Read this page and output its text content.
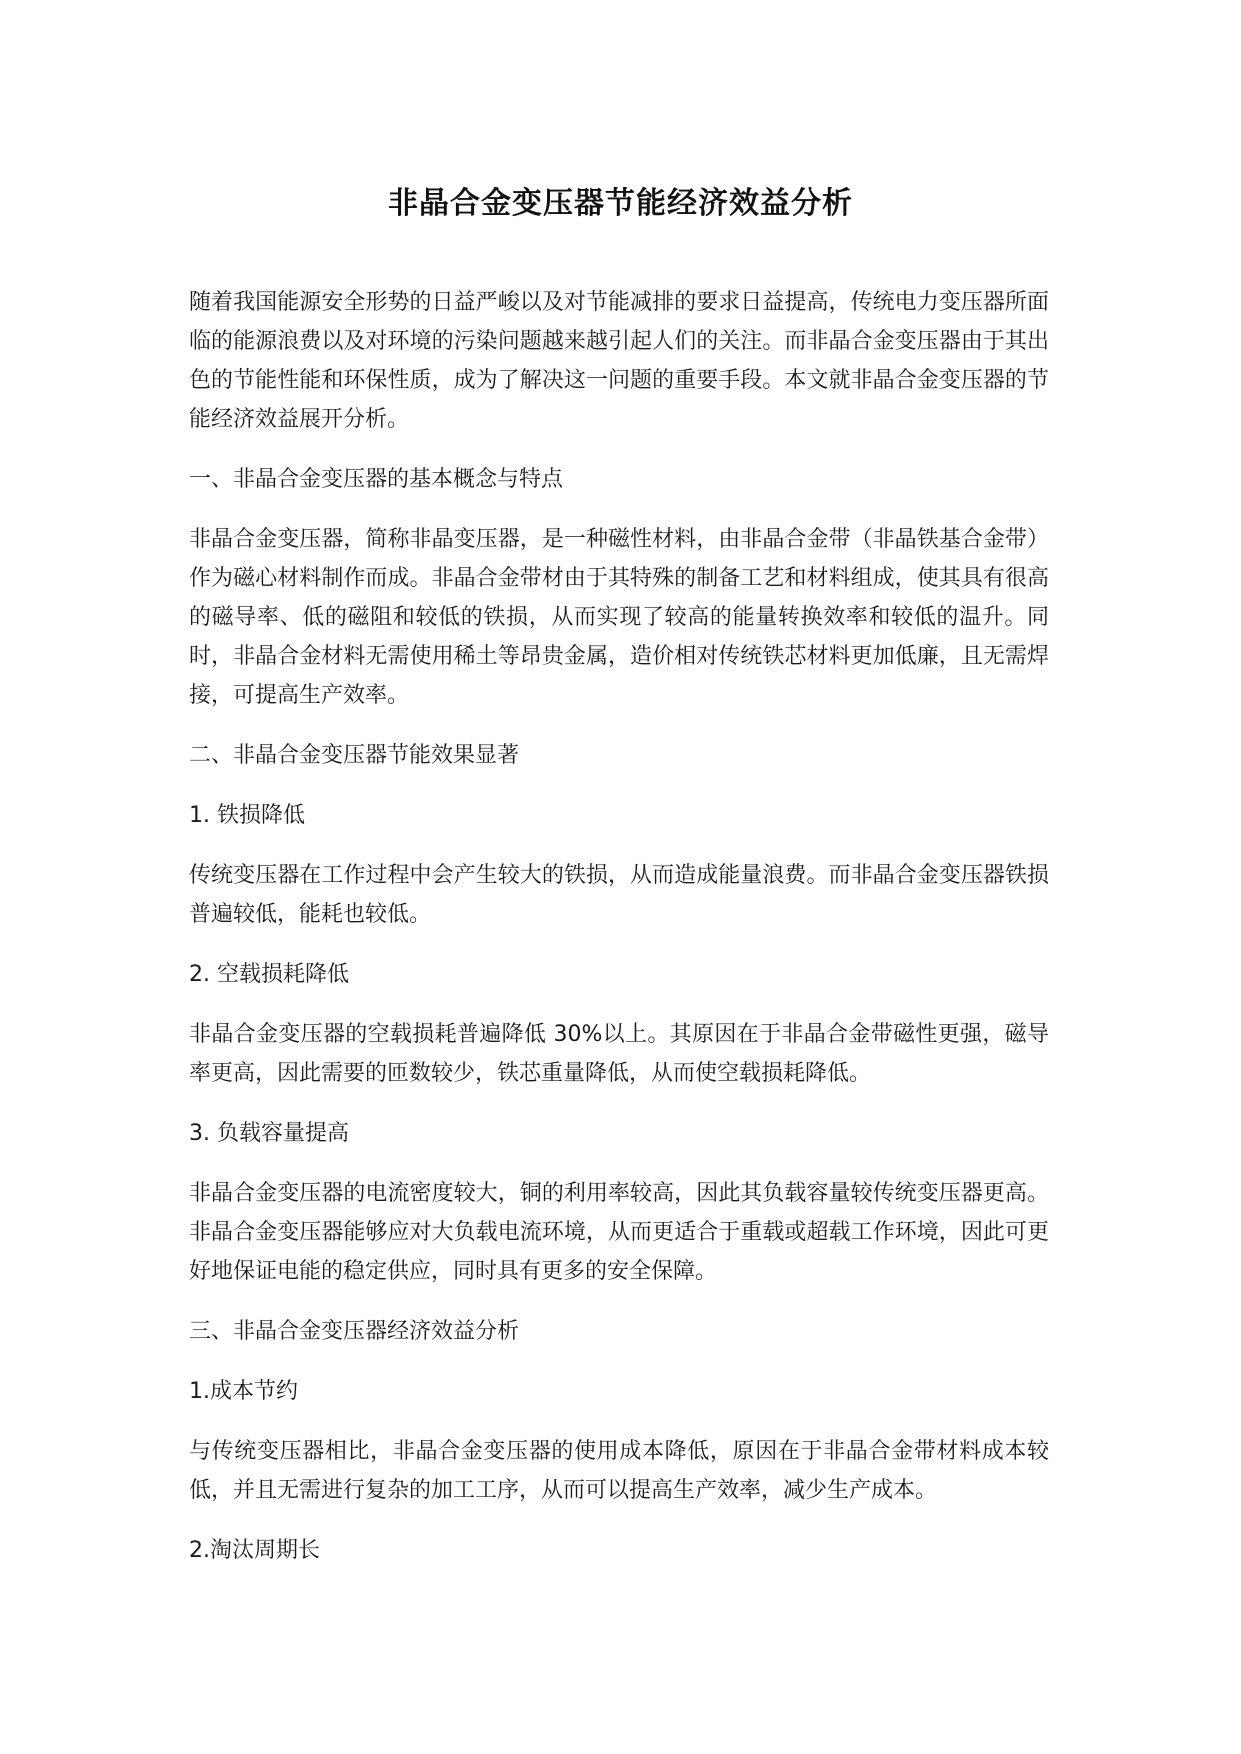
非晶合金变压器节能经济效益分析

随着我国能源安全形势的日益严峻以及对节能减排的要求日益提高，传统电力变压器所面临的能源浪费以及对环境的污染问题越来越引起人们的关注。而非晶合金变压器由于其出色的节能性能和环保性质，成为了解决这一问题的重要手段。本文就非晶合金变压器的节能经济效益展开分析。

一、非晶合金变压器的基本概念与特点

非晶合金变压器，简称非晶变压器，是一种磁性材料，由非晶合金带（非晶铁基合金带）作为磁心材料制作而成。非晶合金带材由于其特殊的制备工艺和材料组成，使其具有很高的磁导率、低的磁阻和较低的铁损，从而实现了较高的能量转换效率和较低的温升。同时，非晶合金材料无需使用稀土等昂贵金属，造价相对传统铁芯材料更加低廉，且无需焊接，可提高生产效率。

二、非晶合金变压器节能效果显著

1. 铁损降低

传统变压器在工作过程中会产生较大的铁损，从而造成能量浪费。而非晶合金变压器铁损普遍较低，能耗也较低。

2. 空载损耗降低

非晶合金变压器的空载损耗普遍降低 30%以上。其原因在于非晶合金带磁性更强，磁导率更高，因此需要的匝数较少，铁芯重量降低，从而使空载损耗降低。

3. 负载容量提高

非晶合金变压器的电流密度较大，铜的利用率较高，因此其负载容量较传统变压器更高。非晶合金变压器能够应对大负载电流环境，从而更适合于重载或超载工作环境，因此可更好地保证电能的稳定供应，同时具有更多的安全保障。

三、非晶合金变压器经济效益分析

1.成本节约

与传统变压器相比，非晶合金变压器的使用成本降低，原因在于非晶合金带材料成本较低，并且无需进行复杂的加工工序，从而可以提高生产效率，减少生产成本。

2.淘汰周期长
